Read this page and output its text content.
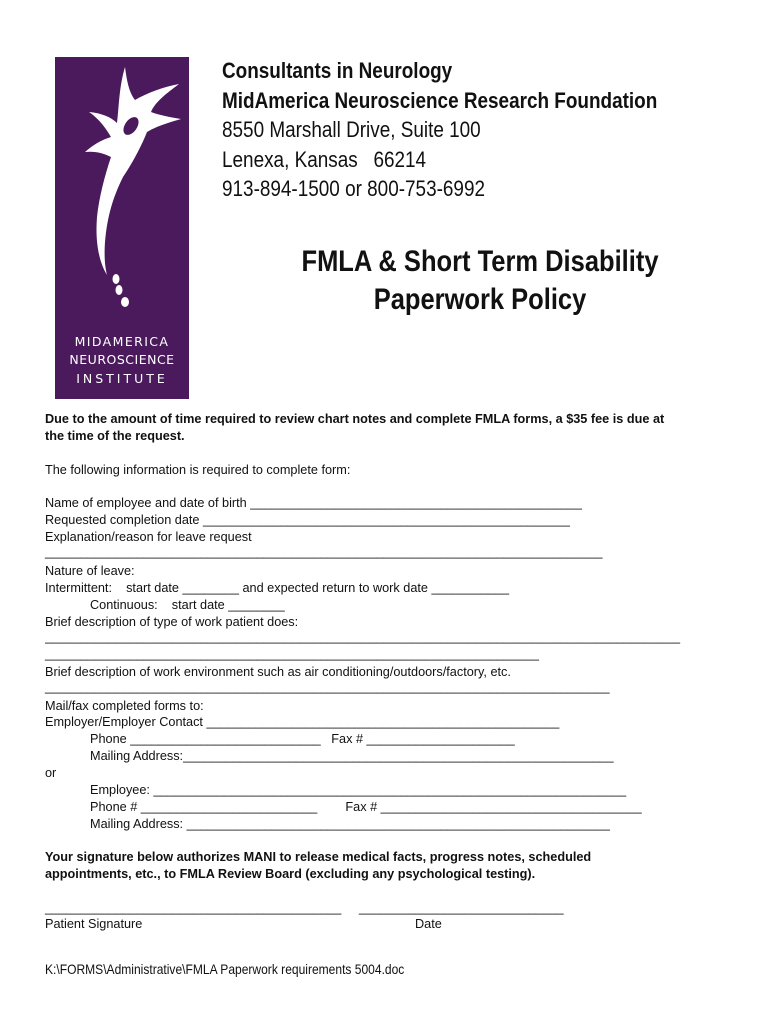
MIDAMERICA
NEUROSCIENCE
INSTITUTE
Consultants in Neurology
MidAmerica Neuroscience Research Foundation
8550 Marshall Drive, Suite 100
Lenexa, Kansas   66214
913-894-1500 or 800-753-6992
FMLA & Short Term Disability
Paperwork Policy
Due to the amount of time required to review chart notes and complete FMLA forms, a $35 fee is due at
the time of the request.
The following information is required to complete form:
Name of employee and date of birth _______________________________________________
Requested completion date ____________________________________________________
Explanation/reason for leave request
_______________________________________________________________________________
Nature of leave:
Intermittent:    start date ________ and expected return to work date ___________
Continuous:    start date ________
Brief description of type of work patient does:
__________________________________________________________________________________________
______________________________________________________________________
Brief description of work environment such as air conditioning/outdoors/factory, etc.
________________________________________________________________________________
Mail/fax completed forms to:
Employer/Employer Contact __________________________________________________
Phone ___________________________   Fax # _____________________
Mailing Address:_____________________________________________________________
or
Employee: ___________________________________________________________________
Phone # _________________________        Fax # _____________________________________
Mailing Address: ____________________________________________________________
Your signature below authorizes MANI to release medical facts, progress notes, scheduled
appointments, etc., to FMLA Review Board (excluding any psychological testing).
__________________________________________     _____________________________
Patient Signature	Date
K:\FORMS\Administrative\FMLA Paperwork requirements 5004.doc
